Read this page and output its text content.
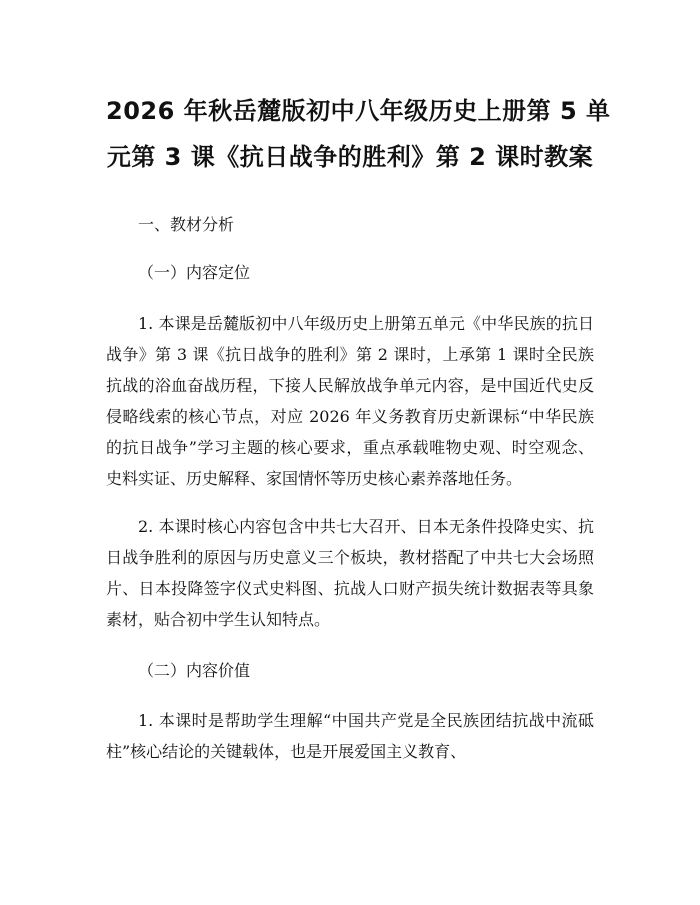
2026 年秋岳麓版初中八年级历史上册第 5 单
元第 3 课《抗日战争的胜利》第 2 课时教案

一、教材分析

（一）内容定位

1. 本课是岳麓版初中八年级历史上册第五单元《中华民族的抗日战争》第 3 课《抗日战争的胜利》第 2 课时，上承第 1 课时全民族抗战的浴血奋战历程，下接人民解放战争单元内容，是中国近代史反侵略线索的核心节点，对应 2026 年义务教育历史新课标“中华民族的抗日战争”学习主题的核心要求，重点承载唯物史观、时空观念、史料实证、历史解释、家国情怀等历史核心素养落地任务。

2. 本课时核心内容包含中共七大召开、日本无条件投降史实、抗日战争胜利的原因与历史意义三个板块，教材搭配了中共七大会场照片、日本投降签字仪式史料图、抗战人口财产损失统计数据表等具象素材，贴合初中学生认知特点。

（二）内容价值

1. 本课时是帮助学生理解“中国共产党是全民族团结抗战中流砥柱”核心结论的关键载体，也是开展爱国主义教育、
